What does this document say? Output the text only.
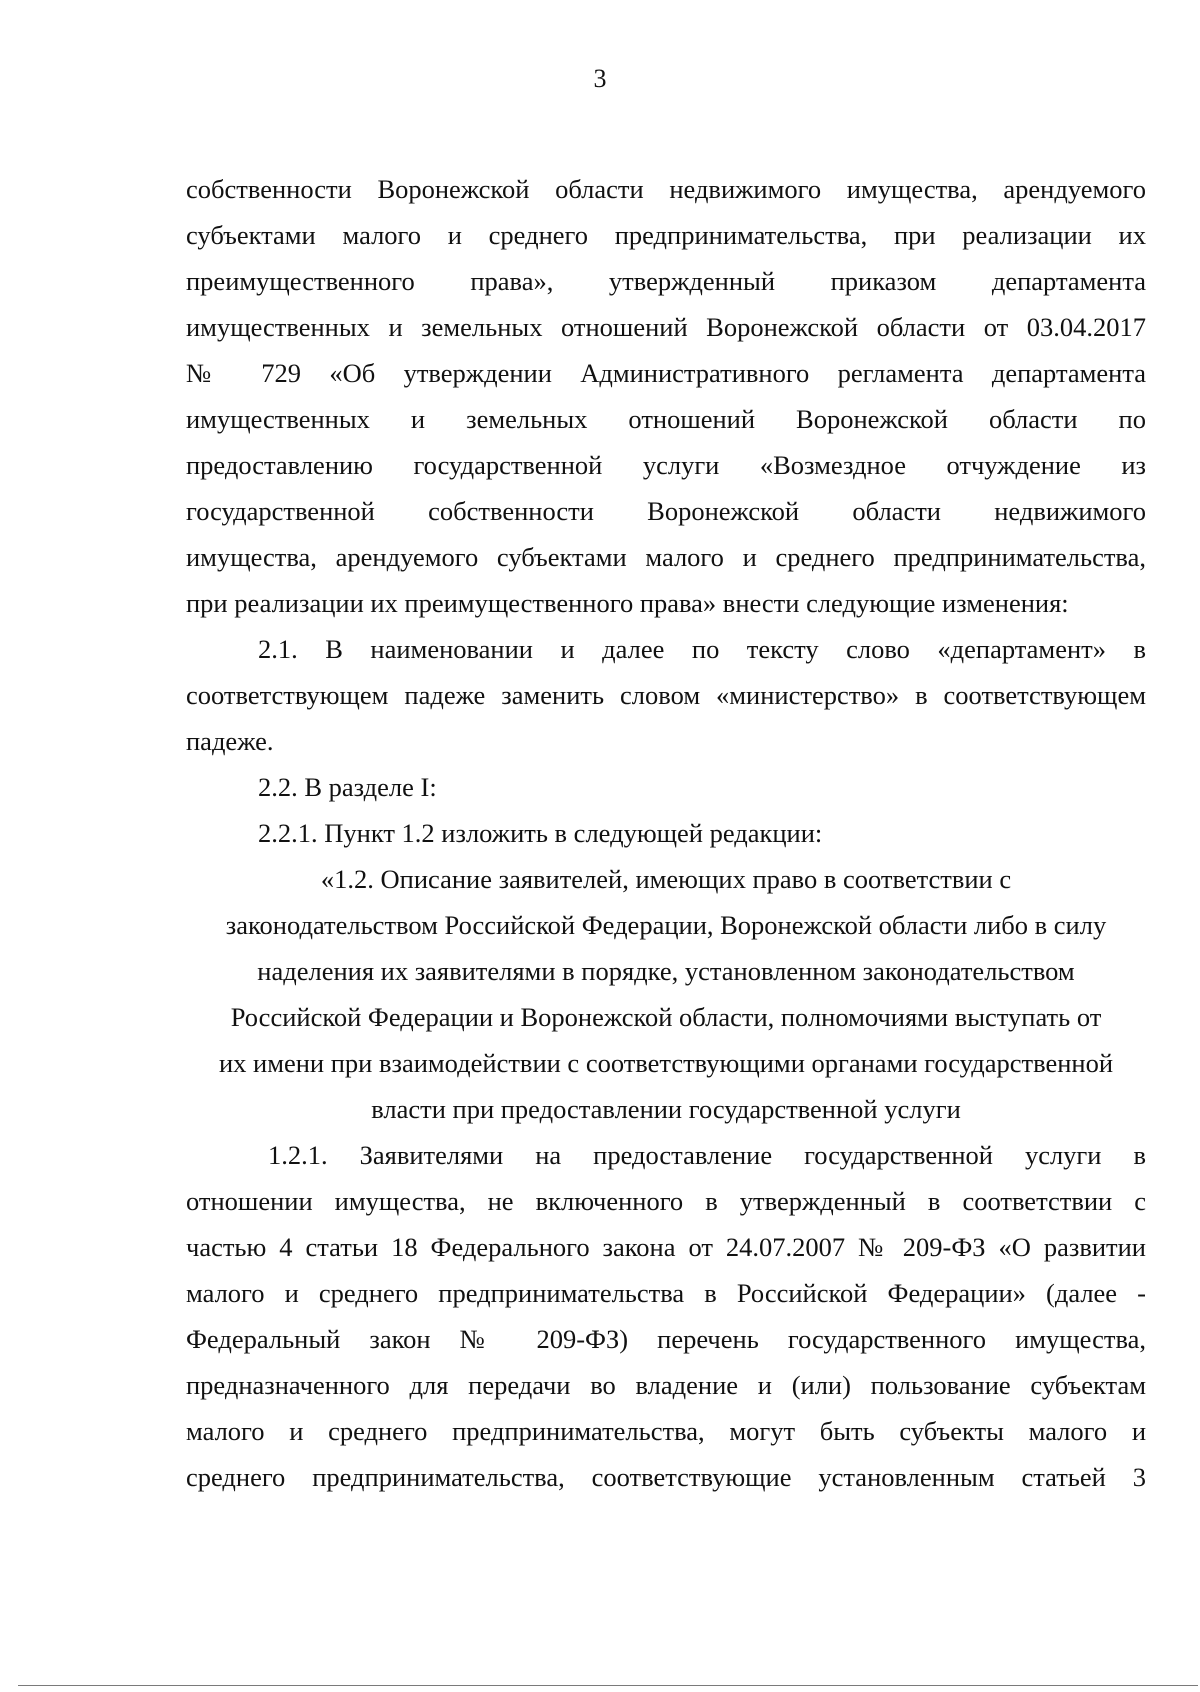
3
собственности Воронежской области недвижимого имущества, арендуемого
субъектами малого и среднего предпринимательства, при реализации их
преимущественного права», утвержденный приказом департамента
имущественных и земельных отношений Воронежской области от 03.04.2017
№ 729 «Об утверждении Административного регламента департамента
имущественных и земельных отношений Воронежской области по
предоставлению государственной услуги «Возмездное отчуждение из
государственной собственности Воронежской области недвижимого
имущества, арендуемого субъектами малого и среднего предпринимательства,
при реализации их преимущественного права» внести следующие изменения:
2.1. В наименовании и далее по тексту слово «департамент» в
соответствующем падеже заменить словом «министерство» в соответствующем
падеже.
2.2. В разделе I:
2.2.1. Пункт 1.2 изложить в следующей редакции:
«1.2. Описание заявителей, имеющих право в соответствии с
законодательством Российской Федерации, Воронежской области либо в силу
наделения их заявителями в порядке, установленном законодательством
Российской Федерации и Воронежской области, полномочиями выступать от
их имени при взаимодействии с соответствующими органами государственной
власти при предоставлении государственной услуги
1.2.1. Заявителями на предоставление государственной услуги в
отношении имущества, не включенного в утвержденный в соответствии с
частью 4 статьи 18 Федерального закона от 24.07.2007 № 209-ФЗ «О развитии
малого и среднего предпринимательства в Российской Федерации» (далее -
Федеральный закон № 209-ФЗ) перечень государственного имущества,
предназначенного для передачи во владение и (или) пользование субъектам
малого и среднего предпринимательства, могут быть субъекты малого и
среднего предпринимательства, соответствующие установленным статьей 3
